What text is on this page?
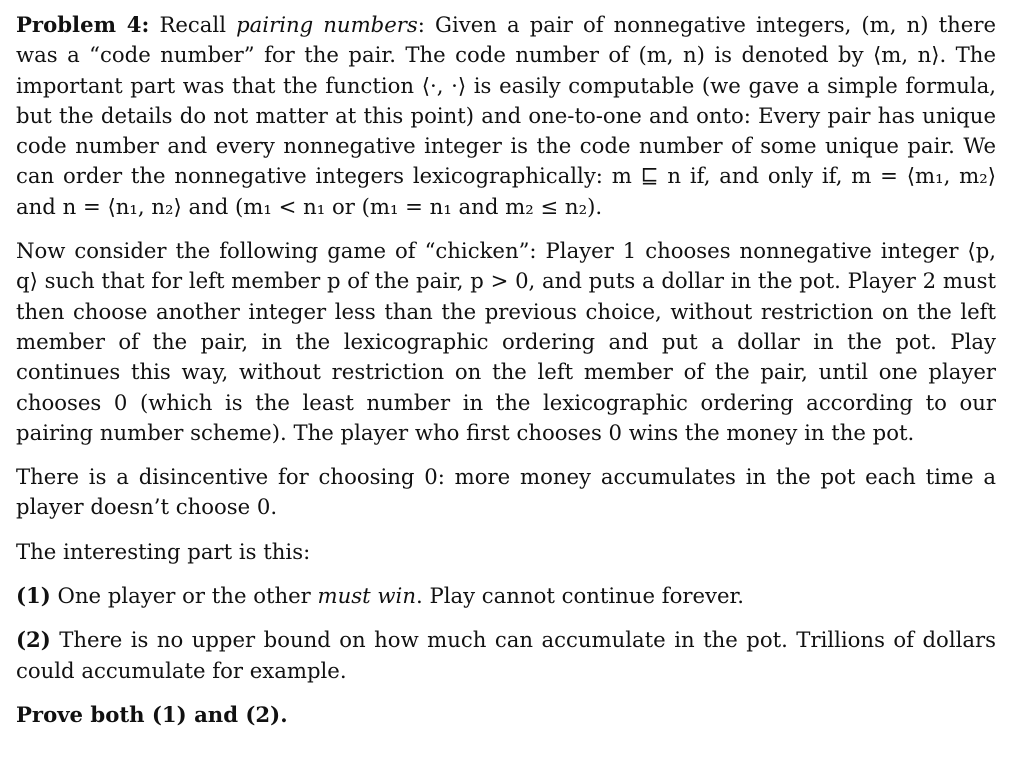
Problem 4: Recall pairing numbers: Given a pair of nonnegative integers, (m, n) there was a “code number” for the pair. The code number of (m, n) is denoted by ⟨m, n⟩. The important part was that the function ⟨·, ·⟩ is easily computable (we gave a simple formula, but the details do not matter at this point) and one-to-one and onto: Every pair has unique code number and every nonnegative integer is the code number of some unique pair. We can order the nonnegative integers lexicographically: m ⊑ n if, and only if, m = ⟨m₁, m₂⟩ and n = ⟨n₁, n₂⟩ and (m₁ < n₁ or (m₁ = n₁ and m₂ ≤ n₂).

Now consider the following game of “chicken”: Player 1 chooses nonnegative integer ⟨p, q⟩ such that for left member p of the pair, p > 0, and puts a dollar in the pot. Player 2 must then choose another integer less than the previous choice, without restriction on the left member of the pair, in the lexicographic ordering and put a dollar in the pot. Play continues this way, without restriction on the left member of the pair, until one player chooses 0 (which is the least number in the lexicographic ordering according to our pairing number scheme). The player who first chooses 0 wins the money in the pot.

There is a disincentive for choosing 0: more money accumulates in the pot each time a player doesn’t choose 0.

The interesting part is this:

(1) One player or the other must win. Play cannot continue forever.

(2) There is no upper bound on how much can accumulate in the pot. Trillions of dollars could accumulate for example.

Prove both (1) and (2).
